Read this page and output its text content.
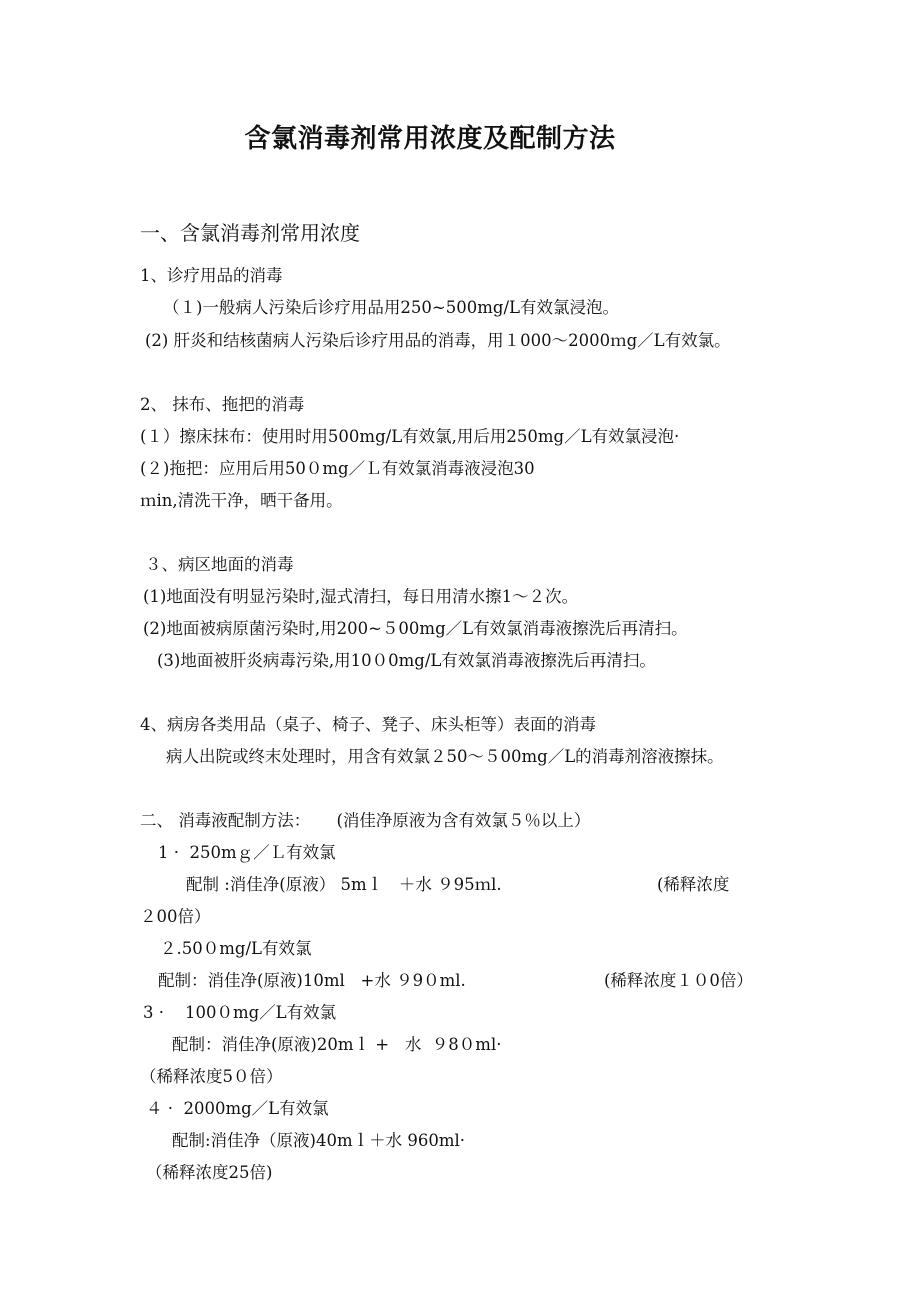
含氯消毒剂常用浓度及配制方法
一、含氯消毒剂常用浓度
1、诊疗用品的消毒
（１)一般病人污染后诊疗用品用250~500mg/L有效氯浸泡。
(2) 肝炎和结核菌病人污染后诊疗用品的消毒，用１000～2000ｍg／L有效氯。
2、 抹布、拖把的消毒
(１）擦床抹布：使用时用500mg/L有效氯,用后用250mg／L有效氯浸泡·
(２)拖把：应用后用50０mg／Ｌ有效氯消毒液浸泡30
ｍin,清洗干净，晒干备用。
３、病区地面的消毒
(1)地面没有明显污染时,湿式清扫，每日用清水擦1～２次。
(2)地面被病原菌污染时,用200~５00mg／L有效氯消毒液擦洗后再清扫。
(3)地面被肝炎病毒污染,用10０0mg/L有效氯消毒液擦洗后再清扫。
4、病房各类用品（桌子、椅子、凳子、床头柜等）表面的消毒
病人出院或终末处理时，用含有效氯２50～５00mg／L的消毒剂溶液擦抹。
二、 消毒液配制方法：     (消佳净原液为含有效氯５％以上）
1 ·  250mｇ／Ｌ有效氯
配制 :消佳净(原液） 5mｌ   ＋水 ９95ｍl.	(稀释浓度
２00倍）
２.50０mg/L有效氯
配制：消佳净(原液)10ml   +水 ９9０ml.	(稀释浓度１０0倍）
3 ·    100０mg／L有效氯
配制：消佳净(原液)20mｌ +   水  ９8０ml·
（稀释浓度5０倍）
４ ·  2000mg／L有效氯
配制:消佳净（原液)40mｌ＋水 960ml·
（稀释浓度25倍)
